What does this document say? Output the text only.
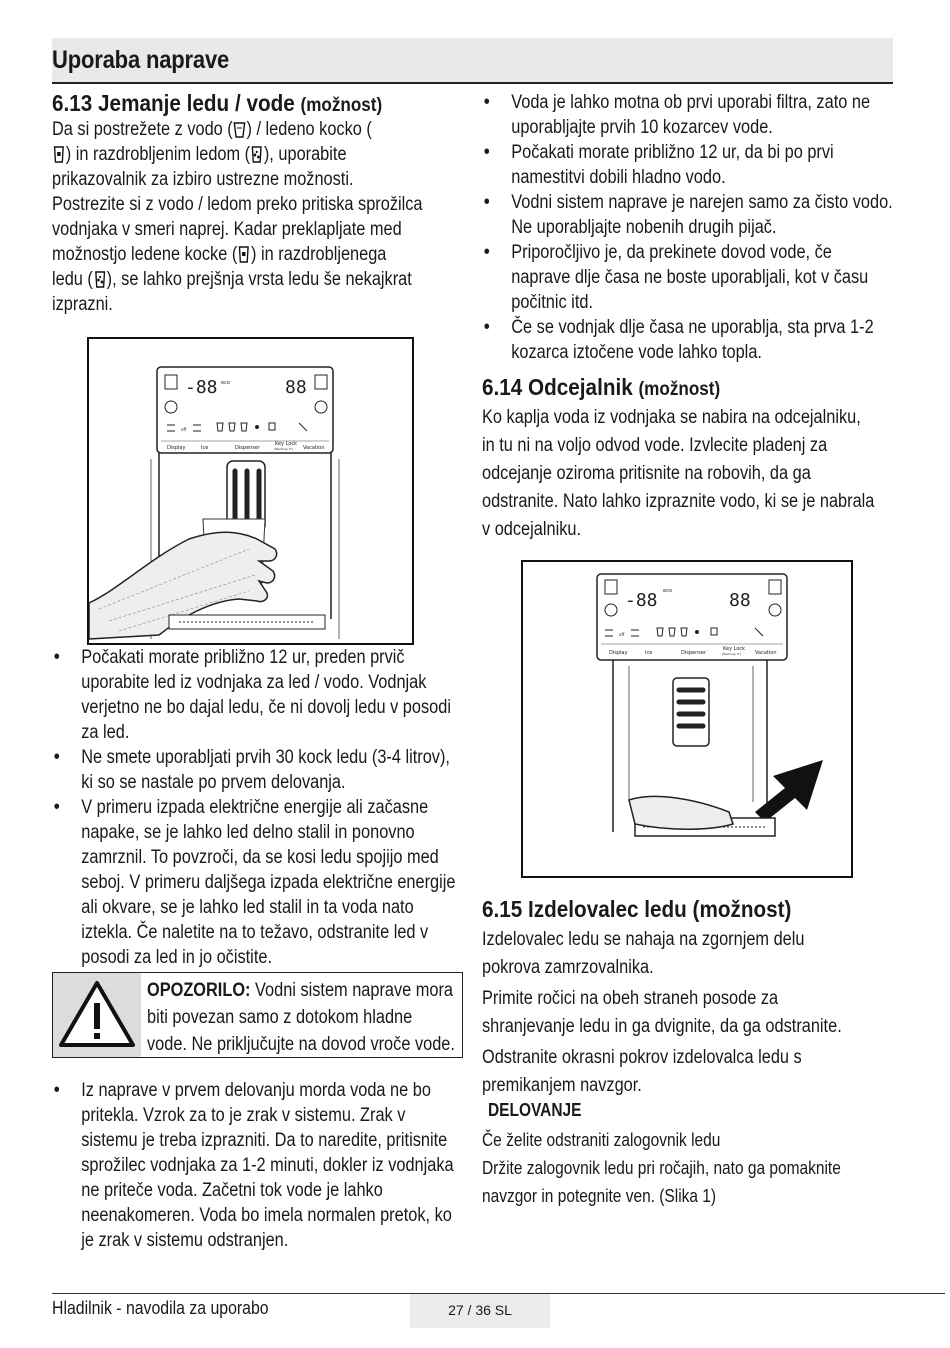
Uporaba naprave
6.13 Jemanje ledu / vode (možnost)
Da si postrežete z vodo ( ) / ledeno kocko (
) in razdrobljenim ledom ( ), uporabite
prikazovalnik za izbiro ustrezne možnosti.
Postrezite si z vodo / ledom preko pritiska sprožilca
vodnjaka v smeri naprej. Kadar preklapljate med
možnostjo ledene kocke ( ) in razdrobljenega
ledu ( ), se lahko prejšnja vrsta ledu še nekajkrat
izprazni.
-88	88
eco
off
Display	Ice	Dispenser
Key Lock
(Warmup 3") Vacation
• Počakati morate približno 12 ur, preden prvič uporabite led iz vodnjaka za led / vodo. Vodnjak verjetno ne bo dajal ledu, če ni dovolj ledu v posodi za led.
• Ne smete uporabljati prvih 30 kock ledu (3-4 litrov), ki so se nastale po prvem delovanja.
• V primeru izpada električne energije ali začasne napake, se je lahko led delno stalil in ponovno zamrznil. To povzroči, da se kosi ledu spojijo med seboj. V primeru daljšega izpada električne energije ali okvare, se je lahko led stalil in ta voda nato iztekla. Če naletite na to težavo, odstranite led v posodi za led in jo očistite.
OPOZORILO: Vodni sistem naprave mora biti povezan samo z dotokom hladne vode. Ne priključujte na dovod vroče vode.
• Iz naprave v prvem delovanju morda voda ne bo pritekla. Vzrok za to je zrak v sistemu. Zrak v sistemu je treba izprazniti. Da to naredite, pritisnite sprožilec vodnjaka za 1-2 minuti, dokler iz vodnjaka ne priteče voda. Začetni tok vode je lahko neenakomeren. Voda bo imela normalen pretok, ko je zrak v sistemu odstranjen.
• Voda je lahko motna ob prvi uporabi filtra, zato ne uporabljajte prvih 10 kozarcev vode.
• Počakati morate približno 12 ur, da bi po prvi namestitvi dobili hladno vodo.
• Vodni sistem naprave je narejen samo za čisto vodo. Ne uporabljajte nobenih drugih pijač.
• Priporočljivo je, da prekinete dovod vode, če naprave dlje časa ne boste uporabljali, kot v času počitnic itd.
• Če se vodnjak dlje časa ne uporablja, sta prva 1-2 kozarca iztočene vode lahko topla.
6.14 Odcejalnik (možnost)
Ko kaplja voda iz vodnjaka se nabira na odcejalniku,
in tu ni na voljo odvod vode. Izvlecite pladenj za
odcejanje oziroma pritisnite na robovih, da ga
odstranite. Nato lahko izpraznite vodo, ki se je nabrala
v odcejalniku.
-88	88
eco
off
Display	Ice	Dispenser
Key Lock
(Warmup 3")	Vacation
6.15 Izdelovalec ledu (možnost)
Izdelovalec ledu se nahaja na zgornjem delu
pokrova zamrzovalnika.
Primite ročici na obeh straneh posode za
shranjevanje ledu in ga dvignite, da ga odstranite.
Odstranite okrasni pokrov izdelovalca ledu s
premikanjem navzgor.
DELOVANJE
Če želite odstraniti zalogovnik ledu
Držite zalogovnik ledu pri ročajih, nato ga pomaknite
navzgor in potegnite ven. (Slika 1)
Hladilnik - navodila za uporabo	27 / 36 SL
